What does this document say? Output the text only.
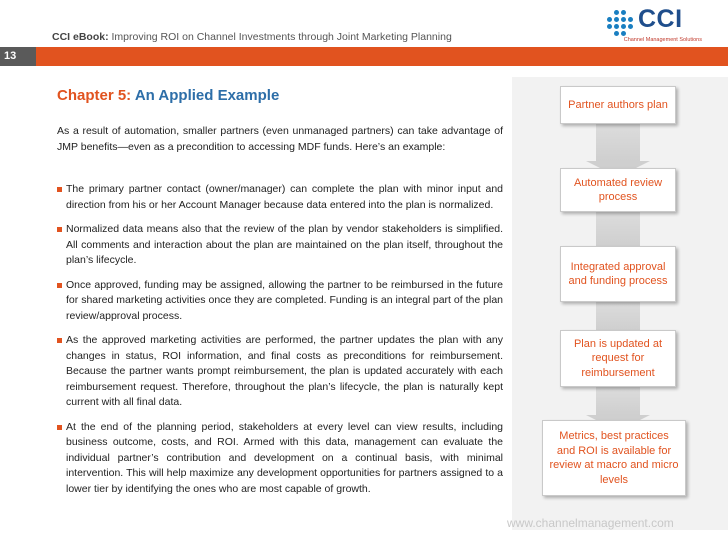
CCI eBook: Improving ROI on Channel Investments through Joint Marketing Planning
CCI
Channel Management Solutions
13
Chapter 5: An Applied Example
As a result of automation, smaller partners (even unmanaged partners) can take advantage of JMP benefits—even as a precondition to accessing MDF funds. Here’s an example:
The primary partner contact (owner/manager) can complete the plan with minor input and direction from his or her Account Manager because data entered into the plan is normalized.
Normalized data means also that the review of the plan by vendor stakeholders is simplified. All comments and interaction about the plan are maintained on the plan itself, throughout the plan’s lifecycle.
Once approved, funding may be assigned, allowing the partner to be reimbursed in the future for shared marketing activities once they are completed. Funding is an integral part of the plan review/approval process.
As the approved marketing activities are performed, the partner updates the plan with any changes in status, ROI information, and final costs as preconditions for reimbursement. Because the partner wants prompt reimbursement, the plan is updated accurately with each reimbursement request. Therefore, throughout the plan’s lifecycle, the plan is naturally kept current with all final data.
At the end of the planning period, stakeholders at every level can view results, including business outcome, costs, and ROI. Armed with this data, management can evaluate the individual partner’s contribution and development on a continual basis, with minimal intervention. This will help maximize any development opportunities for partners assigned to a lower tier by identifying the ones who are most capable of growth.
Partner authors plan
Automated review process
Integrated approval and funding process
Plan is updated at request for reimbursement
Metrics, best practices and ROI is available for review at macro and micro levels
www.channelmanagement.com
